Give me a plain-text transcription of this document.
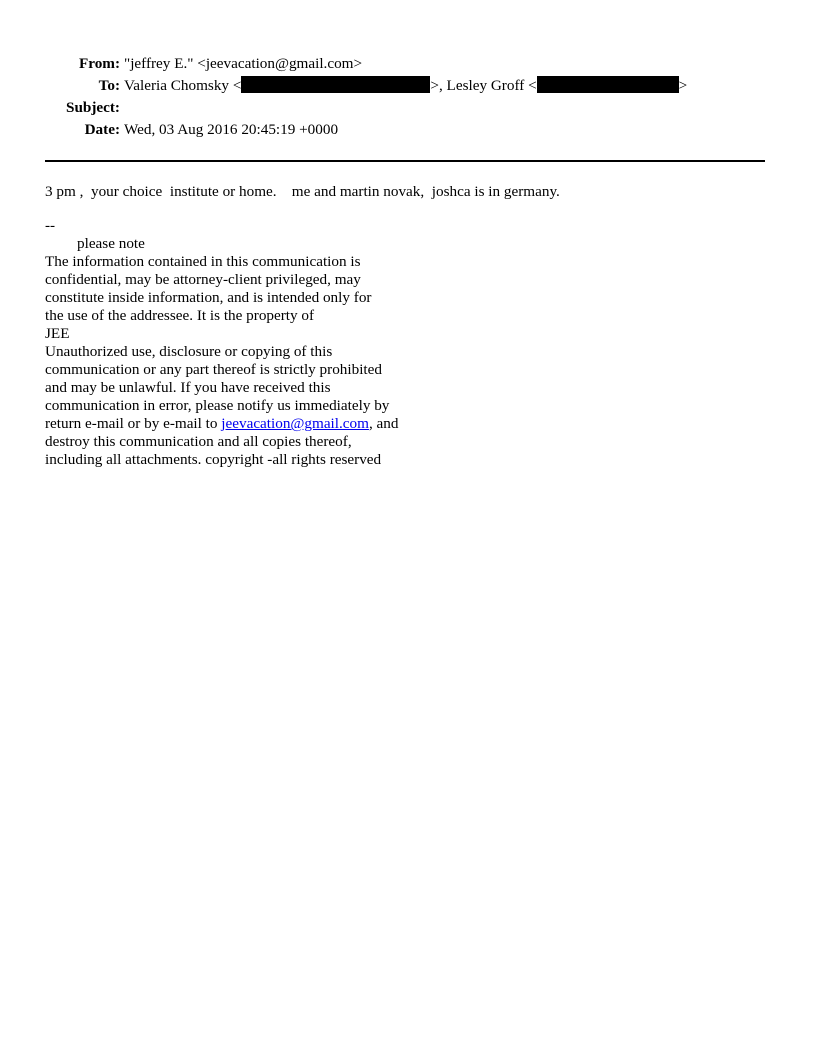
From: "jeffrey E." <jeevacation@gmail.com>
To: Valeria Chomsky <	>, Lesley Groff <	>
Subject:
Date: Wed, 03 Aug 2016 20:45:19 +0000
3 pm ,  your choice  institute or home.    me and martin novak,  joshca is in germany.
--
please note
The information contained in this communication is
confidential, may be attorney-client privileged, may
constitute inside information, and is intended only for
the use of the addressee. It is the property of
JEE
Unauthorized use, disclosure or copying of this
communication or any part thereof is strictly prohibited
and may be unlawful. If you have received this
communication in error, please notify us immediately by
return e-mail or by e-mail to jeevacation@gmail.com, and
destroy this communication and all copies thereof,
including all attachments. copyright -all rights reserved
